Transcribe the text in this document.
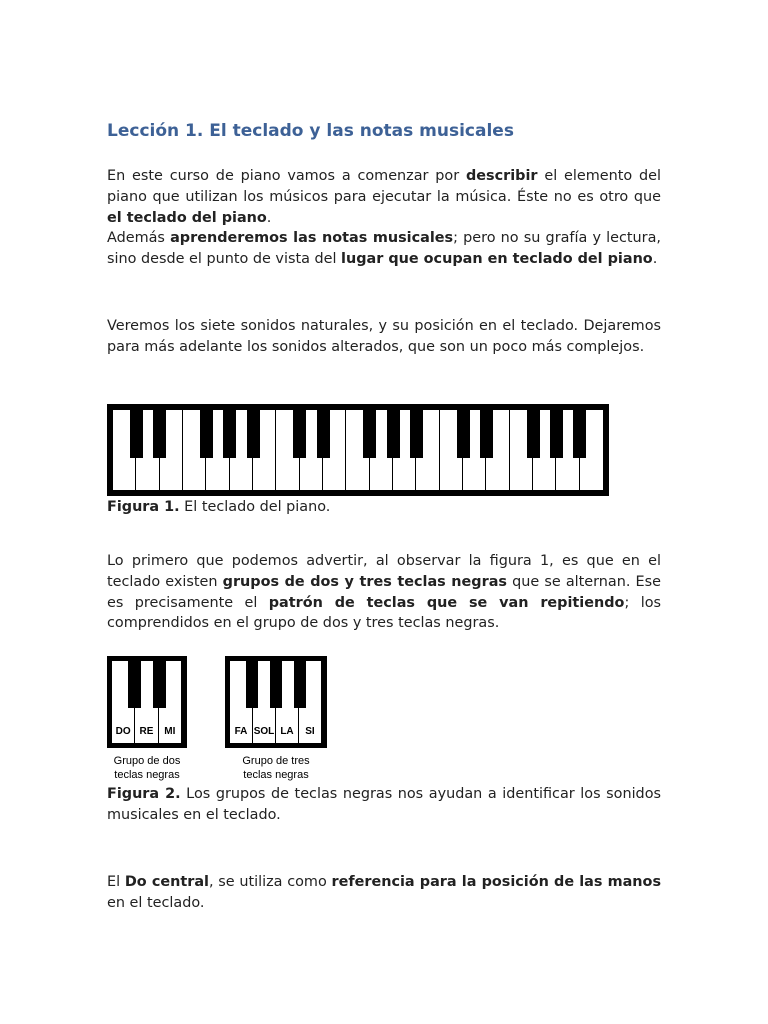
Lección 1. El teclado y las notas musicales

En este curso de piano vamos a comenzar por describir el elemento del piano que utilizan los músicos para ejecutar la música. Éste no es otro que el teclado del piano.
Además aprenderemos las notas musicales; pero no su grafía y lectura, sino desde el punto de vista del lugar que ocupan en teclado del piano.

Veremos los siete sonidos naturales, y su posición en el teclado. Dejaremos para más adelante los sonidos alterados, que son un poco más complejos.

Figura 1. El teclado del piano.

Lo primero que podemos advertir, al observar la figura 1, es que en el teclado existen grupos de dos y tres teclas negras que se alternan. Ese es precisamente el patrón de teclas que se van repitiendo; los comprendidos en el grupo de dos y tres teclas negras.

DO RE	MI
Grupo de dos
teclas negras
FA SOL LA	SI
Grupo de tres
teclas negras
Figura 2. Los grupos de teclas negras nos ayudan a identificar los sonidos musicales en el teclado.

El Do central, se utiliza como referencia para la posición de las manos en el teclado.
